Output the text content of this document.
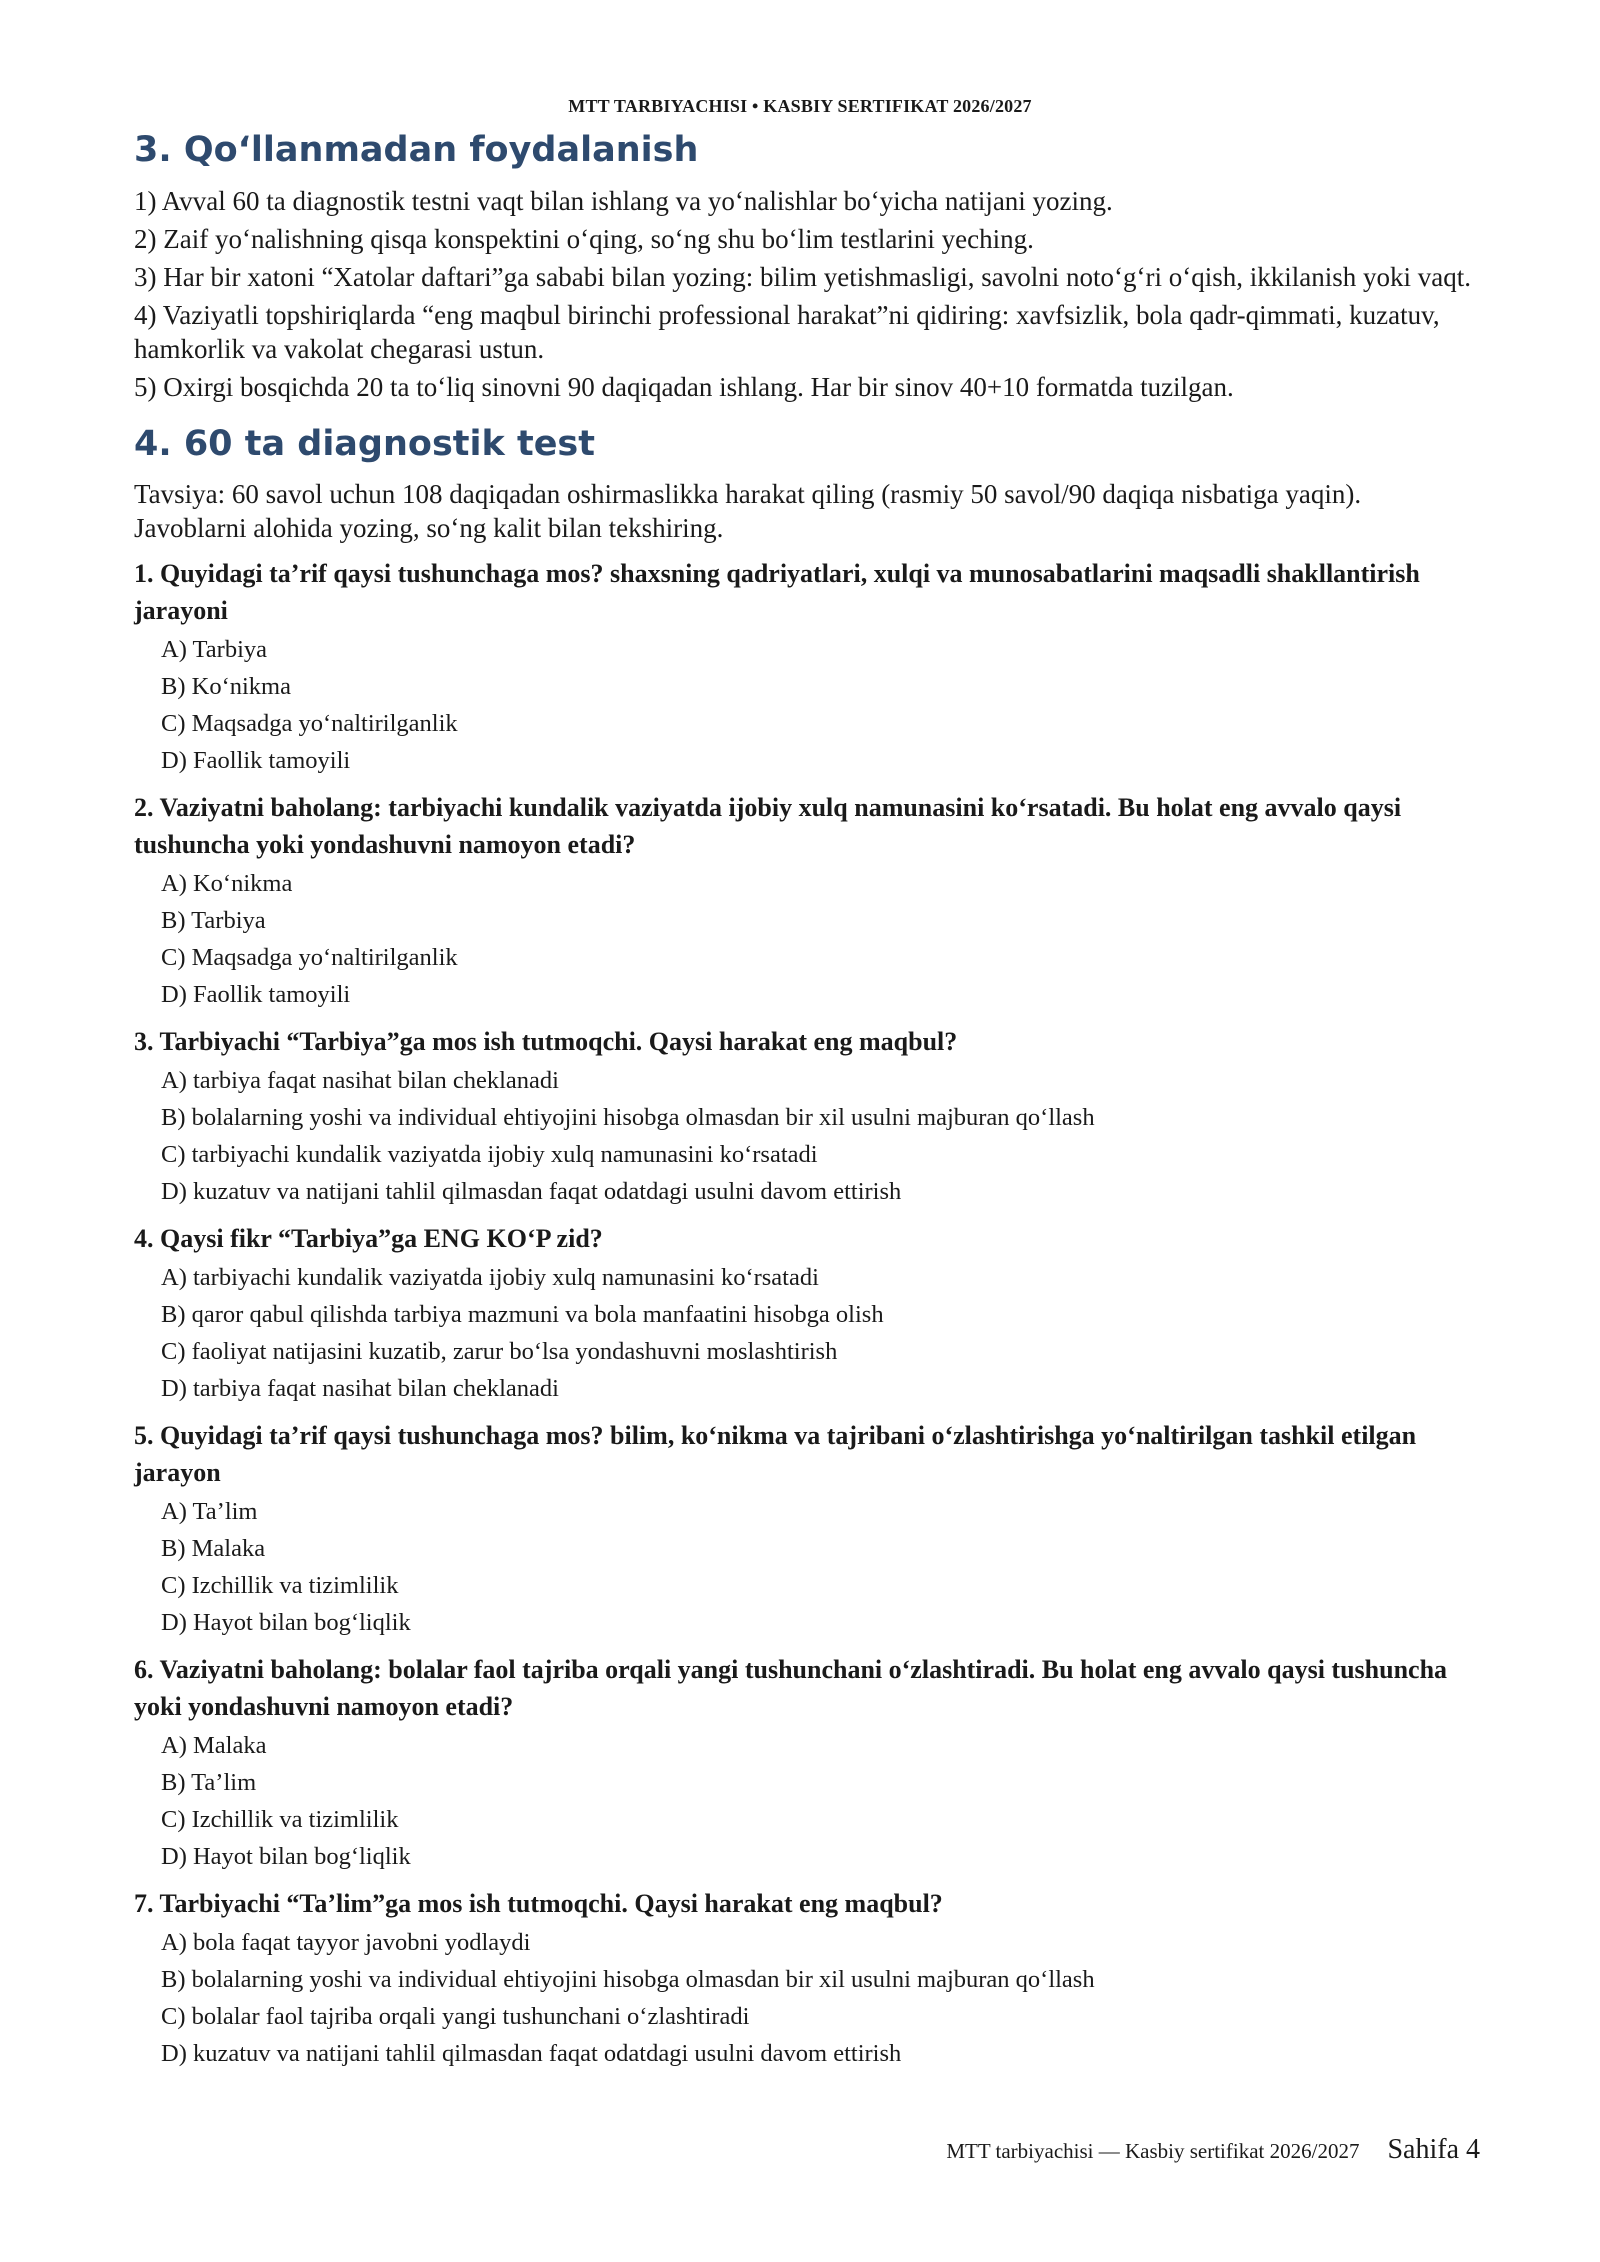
MTT TARBIYACHISI • KASBIY SERTIFIKAT 2026/2027
3. Qo‘llanmadan foydalanish

1) Avval 60 ta diagnostik testni vaqt bilan ishlang va yo‘nalishlar bo‘yicha natijani yozing.

2) Zaif yo‘nalishning qisqa konspektini o‘qing, so‘ng shu bo‘lim testlarini yeching.

3) Har bir xatoni “Xatolar daftari”ga sababi bilan yozing: bilim yetishmasligi, savolni noto‘g‘ri o‘qish, ikkilanish yoki vaqt.

4) Vaziyatli topshiriqlarda “eng maqbul birinchi professional harakat”ni qidiring: xavfsizlik, bola qadr-qimmati, kuzatuv, hamkorlik va vakolat chegarasi ustun.

5) Oxirgi bosqichda 20 ta to‘liq sinovni 90 daqiqadan ishlang. Har bir sinov 40+10 formatda tuzilgan.

4. 60 ta diagnostik test

Tavsiya: 60 savol uchun 108 daqiqadan oshirmaslikka harakat qiling (rasmiy 50 savol/90 daqiqa nisbatiga yaqin). Javoblarni alohida yozing, so‘ng kalit bilan tekshiring.

1. Quyidagi ta’rif qaysi tushunchaga mos? shaxsning qadriyatlari, xulqi va munosabatlarini maqsadli shakllantirish jarayoni

A) Tarbiya
B) Ko‘nikma
C) Maqsadga yo‘naltirilganlik
D) Faollik tamoyili

2. Vaziyatni baholang: tarbiyachi kundalik vaziyatda ijobiy xulq namunasini ko‘rsatadi. Bu holat eng avvalo qaysi tushuncha yoki yondashuvni namoyon etadi?

A) Ko‘nikma
B) Tarbiya
C) Maqsadga yo‘naltirilganlik
D) Faollik tamoyili

3. Tarbiyachi “Tarbiya”ga mos ish tutmoqchi. Qaysi harakat eng maqbul?

A) tarbiya faqat nasihat bilan cheklanadi
B) bolalarning yoshi va individual ehtiyojini hisobga olmasdan bir xil usulni majburan qo‘llash
C) tarbiyachi kundalik vaziyatda ijobiy xulq namunasini ko‘rsatadi
D) kuzatuv va natijani tahlil qilmasdan faqat odatdagi usulni davom ettirish

4. Qaysi fikr “Tarbiya”ga ENG KO‘P zid?

A) tarbiyachi kundalik vaziyatda ijobiy xulq namunasini ko‘rsatadi
B) qaror qabul qilishda tarbiya mazmuni va bola manfaatini hisobga olish
C) faoliyat natijasini kuzatib, zarur bo‘lsa yondashuvni moslashtirish
D) tarbiya faqat nasihat bilan cheklanadi

5. Quyidagi ta’rif qaysi tushunchaga mos? bilim, ko‘nikma va tajribani o‘zlashtirishga yo‘naltirilgan tashkil etilgan jarayon

A) Ta’lim
B) Malaka
C) Izchillik va tizimlilik
D) Hayot bilan bog‘liqlik

6. Vaziyatni baholang: bolalar faol tajriba orqali yangi tushunchani o‘zlashtiradi. Bu holat eng avvalo qaysi tushuncha yoki yondashuvni namoyon etadi?

A) Malaka
B) Ta’lim
C) Izchillik va tizimlilik
D) Hayot bilan bog‘liqlik

7. Tarbiyachi “Ta’lim”ga mos ish tutmoqchi. Qaysi harakat eng maqbul?

A) bola faqat tayyor javobni yodlaydi
B) bolalarning yoshi va individual ehtiyojini hisobga olmasdan bir xil usulni majburan qo‘llash
C) bolalar faol tajriba orqali yangi tushunchani o‘zlashtiradi
D) kuzatuv va natijani tahlil qilmasdan faqat odatdagi usulni davom ettirish
MTT tarbiyachisi — Kasbiy sertifikat 2026/2027 Sahifa 4
